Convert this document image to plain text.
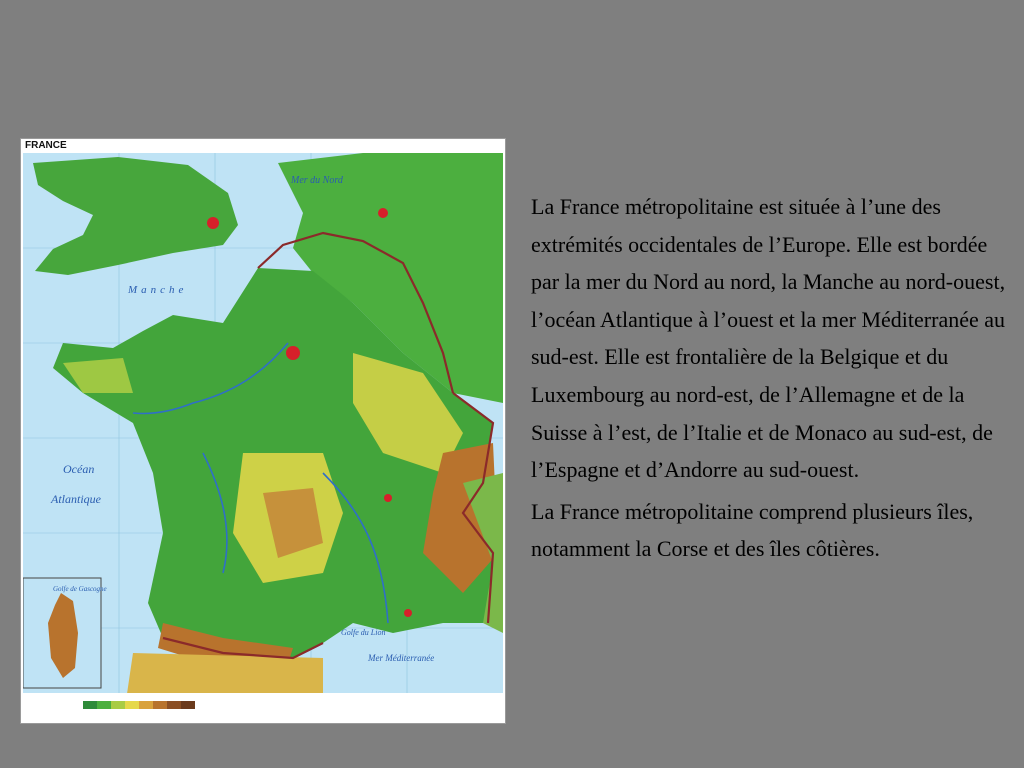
FRANCE
Mer du Nord
Manche
Océan
Atlantique
Golfe de Gascogne
Golfe du Lion
Mer Méditerranée

La France métropolitaine est située à l’une des extrémités occidentales de l’Europe. Elle est bordée par la mer du Nord au nord, la Manche au nord-ouest, l’océan Atlantique à l’ouest et la mer Méditerranée au sud-est. Elle est frontalière de la Belgique et du Luxembourg au nord-est, de l’Allemagne et de la Suisse à l’est, de l’Italie et de Monaco au sud-est, de l’Espagne et d’Andorre au sud-ouest.

La France métropolitaine comprend plusieurs îles, notamment la Corse et des îles côtières.
